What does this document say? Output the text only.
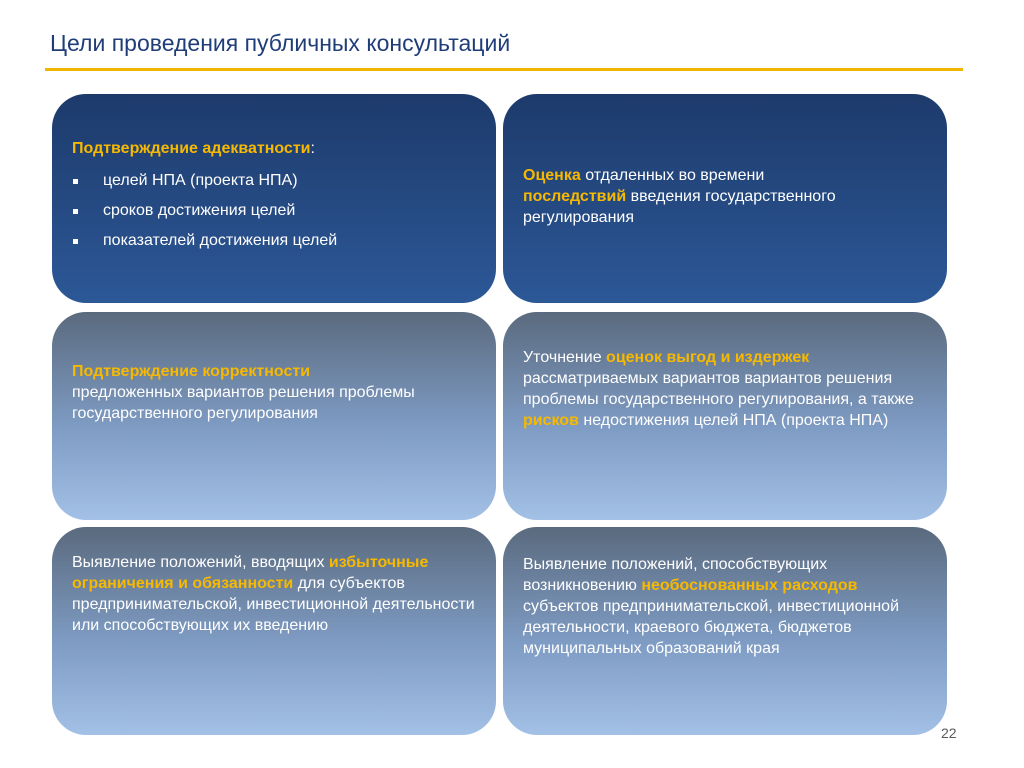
Цели проведения публичных консультаций
Подтверждение адекватности:
целей НПА (проекта НПА)
сроков достижения целей
показателей достижения целей
Оценка отдаленных во времени
последствий введения государственного регулирования
Подтверждение корректности
предложенных вариантов решения проблемы государственного регулирования
Уточнение оценок выгод и издержек рассматриваемых вариантов вариантов решения проблемы государственного регулирования, а также рисков недостижения целей НПА (проекта НПА)
Выявление положений, вводящих избыточные ограничения и обязанности для субъектов предпринимательской, инвестиционной деятельности или способствующих их введению
Выявление положений, способствующих возникновению необоснованных расходов субъектов предпринимательской, инвестиционной деятельности, краевого бюджета, бюджетов муниципальных образований края
22
